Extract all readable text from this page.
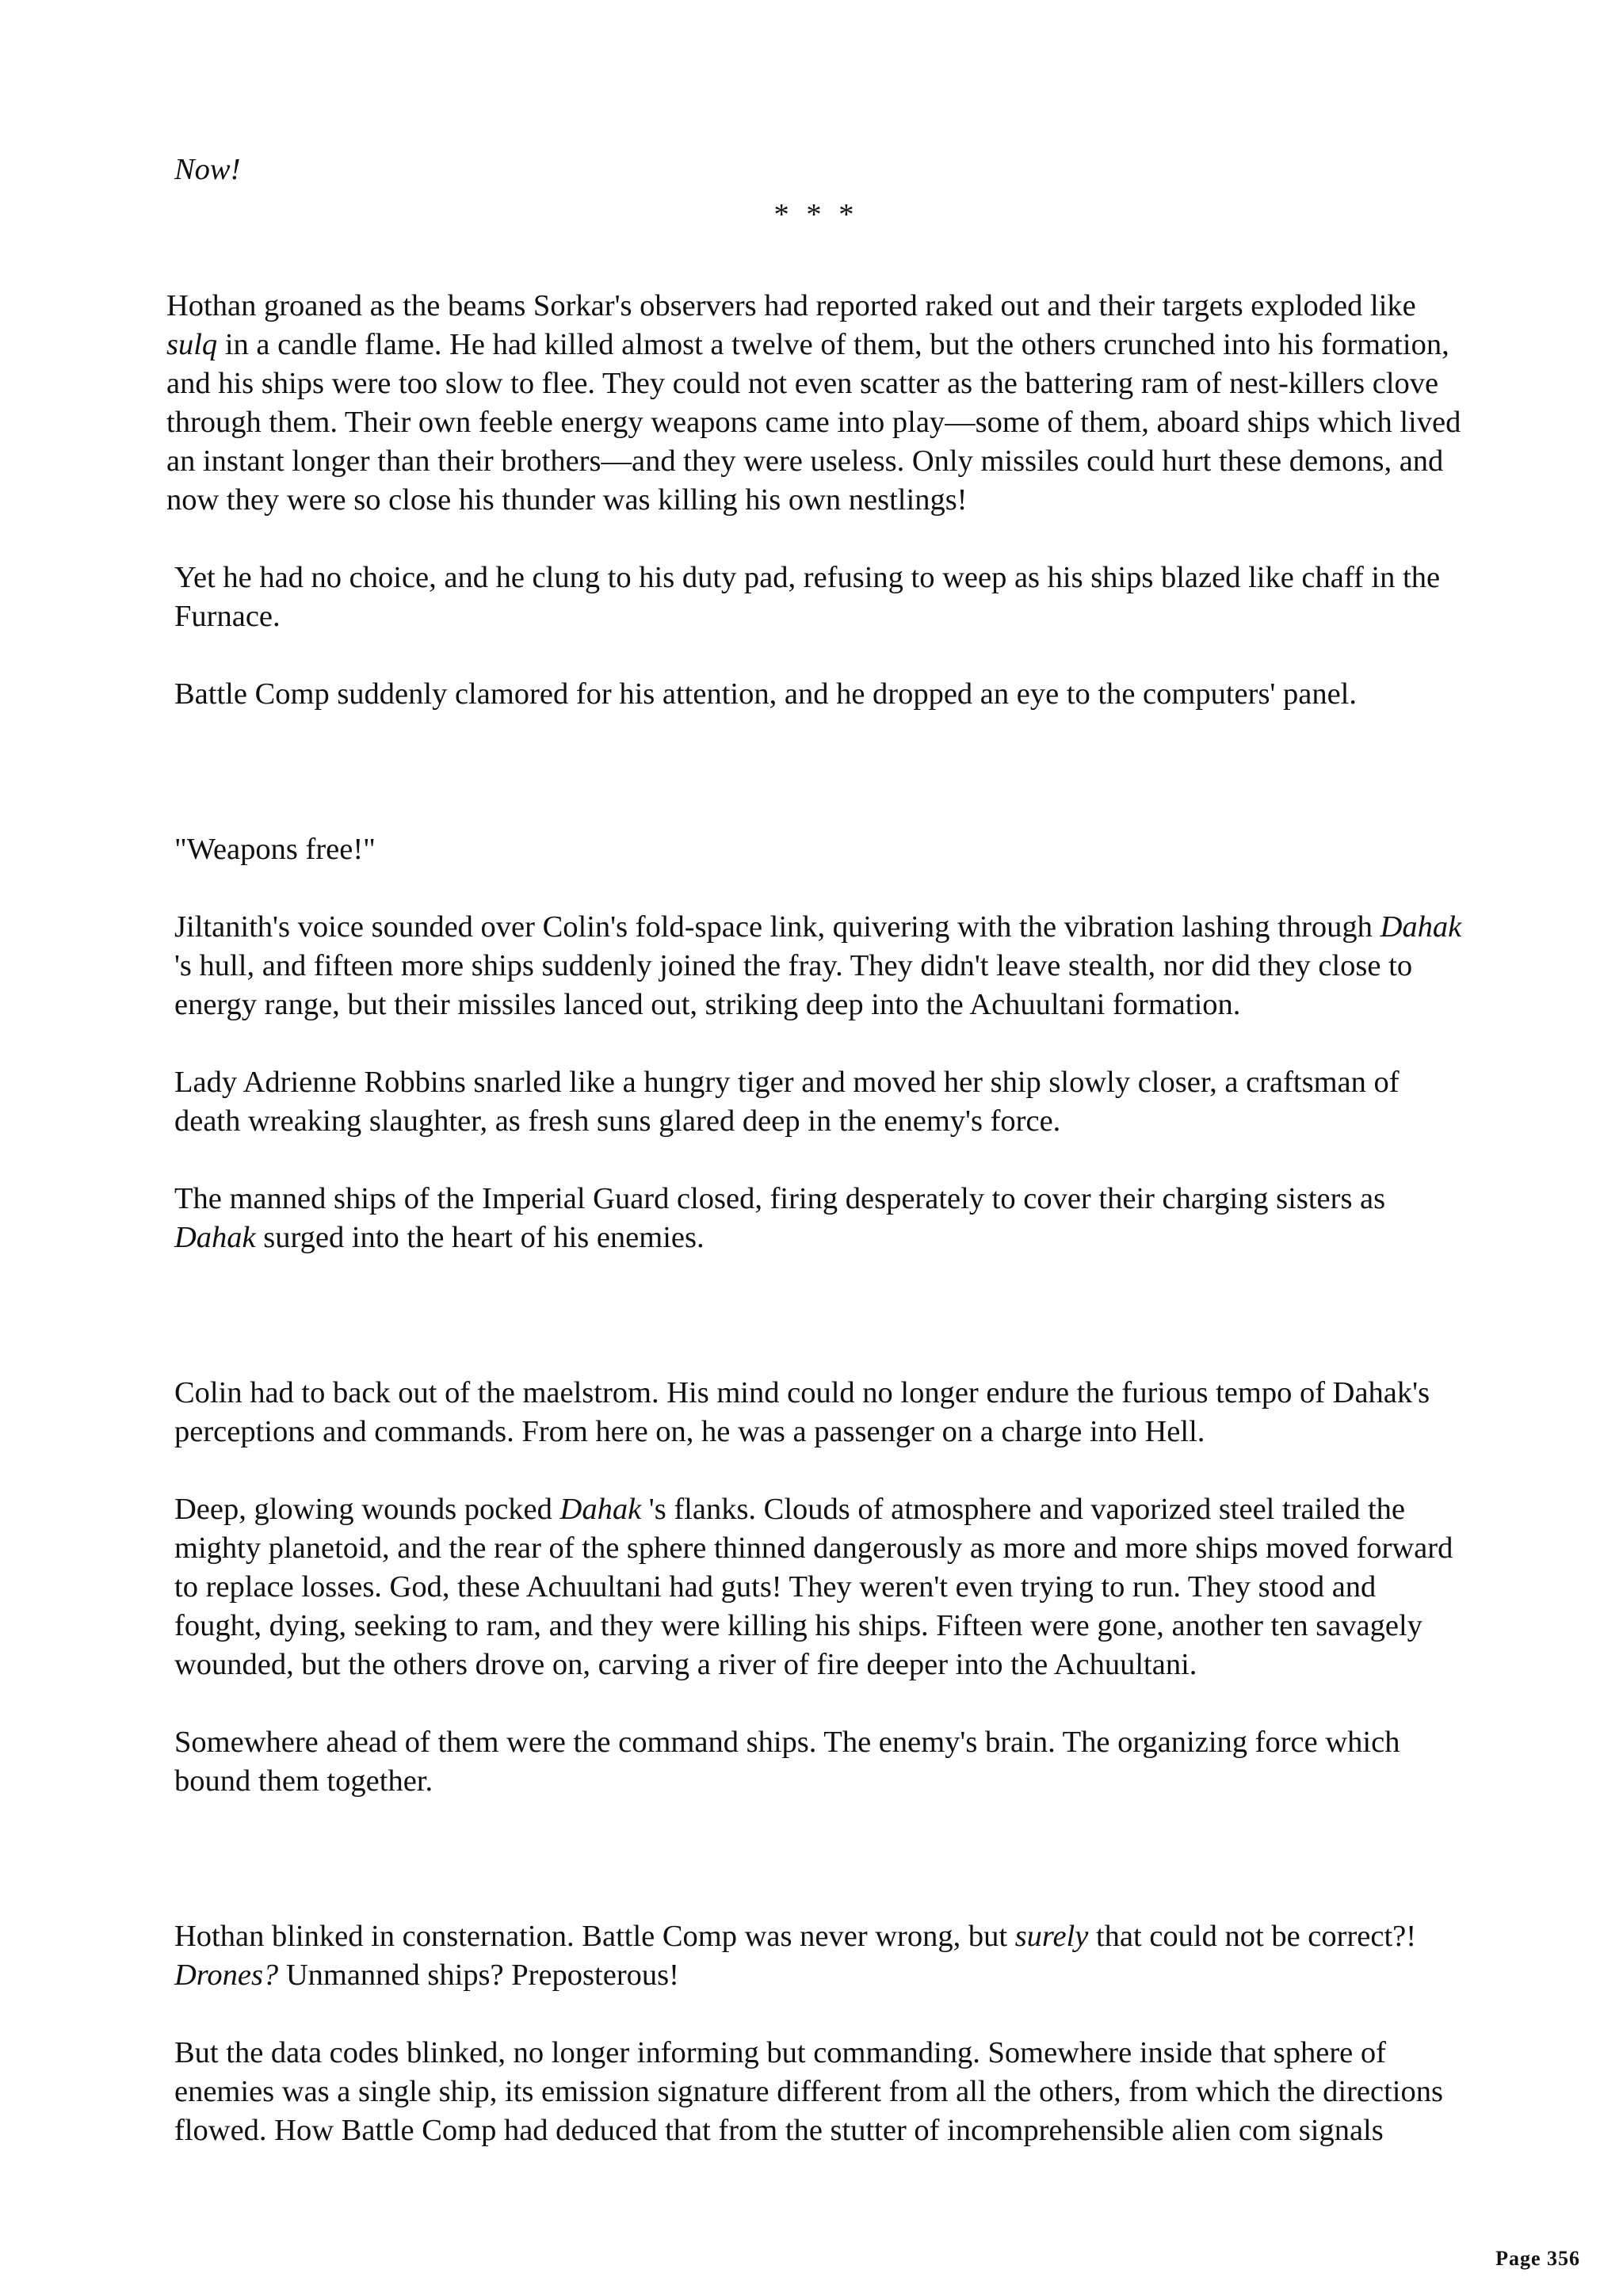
Now!

* * *

Hothan groaned as the beams Sorkar's observers had reported raked out and their targets exploded like sulq in a candle flame. He had killed almost a twelve of them, but the others crunched into his formation, and his ships were too slow to flee. They could not even scatter as the battering ram of nest-killers clove through them. Their own feeble energy weapons came into play—some of them, aboard ships which lived an instant longer than their brothers—and they were useless. Only missiles could hurt these demons, and now they were so close his thunder was killing his own nestlings!

Yet he had no choice, and he clung to his duty pad, refusing to weep as his ships blazed like chaff in the Furnace.

Battle Comp suddenly clamored for his attention, and he dropped an eye to the computers' panel.

"Weapons free!"

Jiltanith's voice sounded over Colin's fold-space link, quivering with the vibration lashing through Dahak 's hull, and fifteen more ships suddenly joined the fray. They didn't leave stealth, nor did they close to energy range, but their missiles lanced out, striking deep into the Achuultani formation.

Lady Adrienne Robbins snarled like a hungry tiger and moved her ship slowly closer, a craftsman of death wreaking slaughter, as fresh suns glared deep in the enemy's force.

The manned ships of the Imperial Guard closed, firing desperately to cover their charging sisters as Dahak surged into the heart of his enemies.

Colin had to back out of the maelstrom. His mind could no longer endure the furious tempo of Dahak's perceptions and commands. From here on, he was a passenger on a charge into Hell.

Deep, glowing wounds pocked Dahak 's flanks. Clouds of atmosphere and vaporized steel trailed the mighty planetoid, and the rear of the sphere thinned dangerously as more and more ships moved forward to replace losses. God, these Achuultani had guts! They weren't even trying to run. They stood and fought, dying, seeking to ram, and they were killing his ships. Fifteen were gone, another ten savagely wounded, but the others drove on, carving a river of fire deeper into the Achuultani.

Somewhere ahead of them were the command ships. The enemy's brain. The organizing force which bound them together.

Hothan blinked in consternation. Battle Comp was never wrong, but surely that could not be correct?! Drones? Unmanned ships? Preposterous!

But the data codes blinked, no longer informing but commanding. Somewhere inside that sphere of enemies was a single ship, its emission signature different from all the others, from which the directions flowed. How Battle Comp had deduced that from the stutter of incomprehensible alien com signals

Page 356
